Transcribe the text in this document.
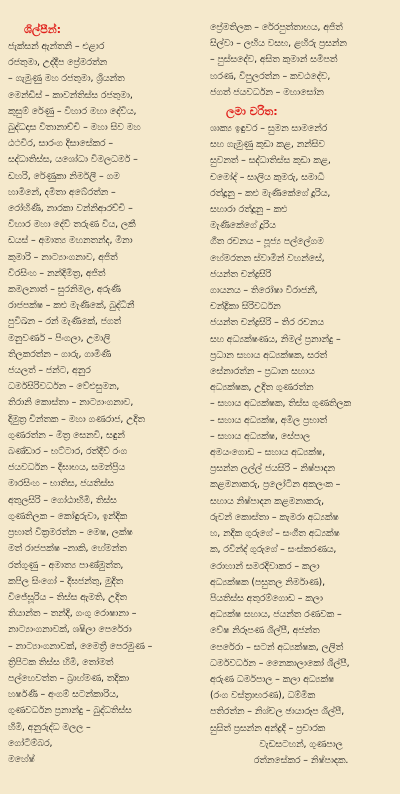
ශිල්පීන්:

ජැක්සන් ඇන්තනි – එළාර
රජතුමා, උද්දීප ප්‍රේමරත්න
– ගැමුණු මහ රජතුමා, ශ්‍රියන්ත
මෙන්ඩිස් – කාවන්තිස්ස රජතුමා,
කුසුම් රේණු – විහාර මහා දේවිය,
බුද්ධදාස විතානාච්චි – මහා සිව මහ
ඨථවිර, සාරංග දිසාසේකර –
සද්ධාතිස්ස, යශෝධා විමලධර්ම –
ඩහරි, රේණුකා නිර්මලී – ගම
හාමිනේ, දමිතා අබේරත්න –
රෝහිණී, නාරකා වන්නිආරච්චි –
විහාර මහා දේවි තරුණ විය, ලකී
ඩයස් – අමාත්‍ය මහනතන්ද, මීනා
කුමාරි – නාට්‍යාංගනාව, අජිත්
විරසිංහ – නන්දිමිත්‍ර, අජිත්
කමලනාත් – සුරනිමල, අරුණි
රාජපක්ෂ – කළු මැණිකේ, බුද්ධිනී
පුවිඛන – රන් මැණිකේ, ජගත්
මනුවර්ණ – පිංගලා, උමාලි
තිලකරත්න – ගාරු, ගාමිණී
ජයලත් – ජන්ට, අනුර
ධර්මසිරිවර්ධන – වේළුසුමන,
තිරානි කොස්තා – නාට්‍යාංගනාව,
දිමුත්‍ර චින්තක – මහා ගණරාජ, උදිත
ගුණරත්න – මිත්‍ර සෙනවි, සඳුන්
බණ්ඩාර – භට්ටාර, රත්දීව් රංග
ජයවර්ධන – දීඝාභය, සමන්ප්‍රිය
මාරසිංහ – භාතිස, ජයතිස්ස
අතුලසිරි – ගෝඨාභිමි, තිස්ස
ගුණතිලක – කෝඳුරුවා, ඉන්දික
ප්‍රභාත් වික්‍රමරත්න – මෙෂ, ලක්ෂ
මත් රාජපක්ෂ –නාකි, හේමන්ත
රත්ගුණු – අමාත්‍ය පාණ්මුත්ත,
කපිල සිංගෝ – දීඝජන්තු, මුදිත
විජේසූරිය – තිස්ස ඇමති, උදිත
තියාන්ත – තන්දි, ගංගු රොෂානා –
නාට්‍යාංගනාවක්, ශෂිලා පෙරේරා
– නාට්‍යාංගනාවක්, මෛත්‍රී පෙරමුණ –
ත්‍රිපිටක තිස්ස හිමි, තෝමත්
පල්හෙවත්ත – බ්‍රාහ්මණ, තදිකා
හර්ෂණී – අංගම් සටන්කාරිය,
ගුණවර්ධන ප්‍රනාන්දු – බුද්ධතිස්ස
හිමි, අනුරුද්ධ මලල –
ගෝටිම්බර,
මහේෂ්

ප්‍රේමතිලක – රේරපුත්තාභය, අජිත්
සිල්වා – ලභිය වසභ, ළහිරු ප්‍රසන්න
– පුස්සදේව, අසිත කුමාන් සමීපත්
හරණ, විපුලරත්න – කවඨදේව,
ජගත් ජයවර්ධන – මහාසෝන

ලමා චරිත:

ශාක්‍ය ඉඳුවර – සුමන සාමනේර
සහ ගැමුණු කුඩා කළ, නන්සිව
සුවනත් – සද්ධාතිස්ස කුඩා කළ,
චමෝද් – සාලිය කුමරු, සමාධී
රත්දූනු – කළු මැණිකේගේ දූරිය,
සහාරා රත්දූනු – කළු
මැණිකේගේ දූරිය
ගීත රචනය – පූජ්‍ය පල්ලේගම
හේමරතන ස්වාමීන් වහන්සේ,
ජයන්ත චන්ද්‍රසිරි
ගායනය – තිරෝෂා විරාජනී,
චන්ද්‍රිකා සිරිවර්ධන
ජයන්ත චන්ද්‍රසිරි – තිර රචනය
සහ අධ්‍යක්ෂණය, නිමල් ප්‍රනාන්දු –
ප්‍රධාන සහාය අධ්‍යක්ෂක, සරත්
සේනාරත්න – ප්‍රධාන සහාය
අධ්‍යක්ෂක, උදිත ගුණරත්න
– සහාය අධ්‍යක්ෂක, තිස්ස ගුණතිලක
– සහාය අධ්‍යක්ෂ, අමිල ප්‍රභාත්
– සහාය අධ්‍යක්ෂ, සේපාල
අමයංගොඩ – සහාය අධ්‍යක්ෂ,
ප්‍රසන්න ලල්ල් ජයසිරි – නිෂ්පාදන
කළමනාකරු, ප්‍රලෝටින අකලංක –
සහාය නිෂ්පාදන කළමනාකරු,
රුවන් කොස්තා – කැමරා අධ්‍යක්ෂ
හ, නදික ගුරුගේ – සංගීත අධ්‍යක්ෂ
ක, රවින්ද් ගුරුගේ – සංස්කරණය,
රොහාන් සමරදිවාකර – කලා
අධ්‍යක්ෂක (පසුතල නිර්මාණ),
පියතිස්ස අතුරම්ගොඩ – කලා
අධ්‍යක්ෂ සහාය, ජයන්ත රණවක –
වේෂ නිරූපණ ශිල්පී, අජන්ත
පෙරේරා – සටන් අධ්‍යක්ෂක, ලලිත්
ධර්මවර්ධන – නෛකාලාකෝ ශිල්පී,
අරුණ ධර්මපාල – කලා අධ්‍යක්ෂ
(රංග වස්ත්‍රාභරණ), ධම්මික
පතිරත්න – නිශ්චල ඡායාරූප ශිල්පී,
සුසිත් ප්‍රසන්න අන්ද්‍රදි – ප්‍රචාරක

වැඩසටහන්, ගුණපාල
රත්නසේකර – නිෂ්පාදක.
